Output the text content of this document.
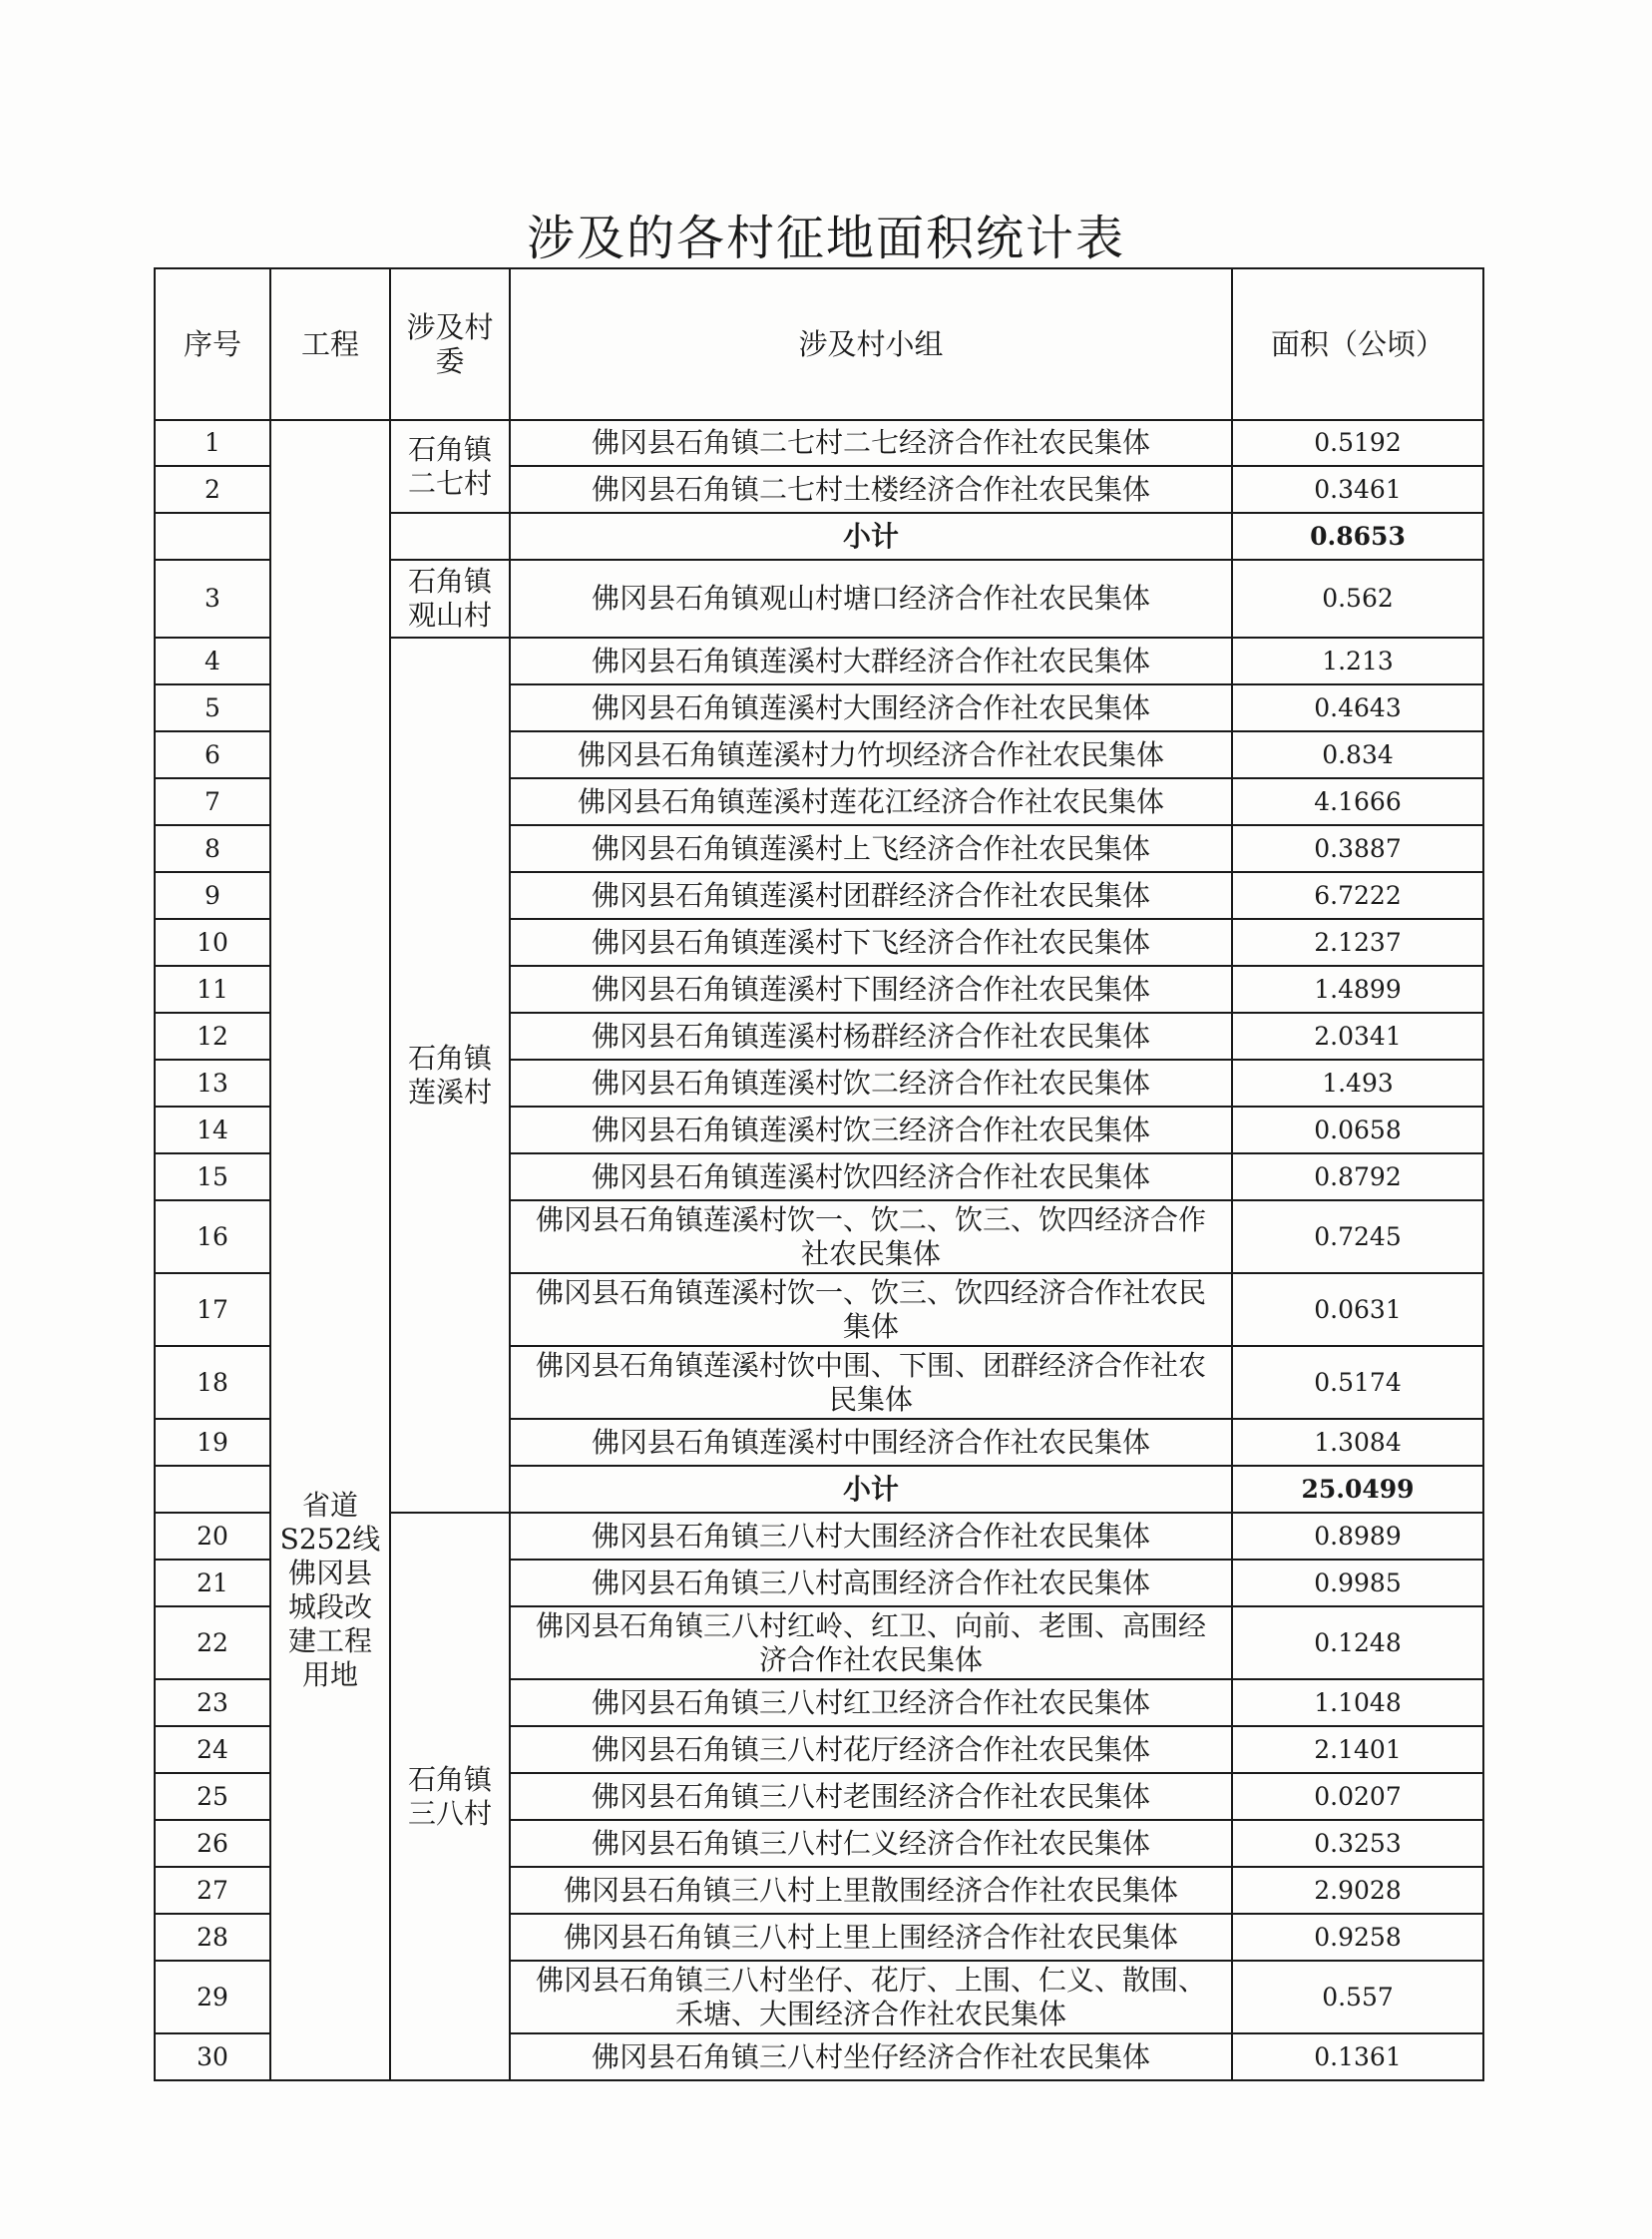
涉及的各村征地面积统计表
序号	工程	涉及村委	涉及村小组	面积（公顷）
1	省道S252线佛冈县城段改建工程用地	石角镇二七村	佛冈县石角镇二七村二七经济合作社农民集体	0.5192
2			佛冈县石角镇二七村土楼经济合作社农民集体	0.3461
			小计	0.8653
3		石角镇观山村	佛冈县石角镇观山村塘口经济合作社农民集体	0.562
4		石角镇莲溪村	佛冈县石角镇莲溪村大群经济合作社农民集体	1.213
5			佛冈县石角镇莲溪村大围经济合作社农民集体	0.4643
6			佛冈县石角镇莲溪村力竹坝经济合作社农民集体	0.834
7			佛冈县石角镇莲溪村莲花江经济合作社农民集体	4.1666
8			佛冈县石角镇莲溪村上飞经济合作社农民集体	0.3887
9			佛冈县石角镇莲溪村团群经济合作社农民集体	6.7222
10			佛冈县石角镇莲溪村下飞经济合作社农民集体	2.1237
11			佛冈县石角镇莲溪村下围经济合作社农民集体	1.4899
12			佛冈县石角镇莲溪村杨群经济合作社农民集体	2.0341
13			佛冈县石角镇莲溪村饮二经济合作社农民集体	1.493
14			佛冈县石角镇莲溪村饮三经济合作社农民集体	0.0658
15			佛冈县石角镇莲溪村饮四经济合作社农民集体	0.8792
16			佛冈县石角镇莲溪村饮一、饮二、饮三、饮四经济合作社农民集体	0.7245
17			佛冈县石角镇莲溪村饮一、饮三、饮四经济合作社农民集体	0.0631
18			佛冈县石角镇莲溪村饮中围、下围、团群经济合作社农民集体	0.5174
19			佛冈县石角镇莲溪村中围经济合作社农民集体	1.3084
			小计	25.0499
20		石角镇三八村	佛冈县石角镇三八村大围经济合作社农民集体	0.8989
21			佛冈县石角镇三八村高围经济合作社农民集体	0.9985
22			佛冈县石角镇三八村红岭、红卫、向前、老围、高围经济合作社农民集体	0.1248
23			佛冈县石角镇三八村红卫经济合作社农民集体	1.1048
24			佛冈县石角镇三八村花厅经济合作社农民集体	2.1401
25			佛冈县石角镇三八村老围经济合作社农民集体	0.0207
26			佛冈县石角镇三八村仁义经济合作社农民集体	0.3253
27			佛冈县石角镇三八村上里散围经济合作社农民集体	2.9028
28			佛冈县石角镇三八村上里上围经济合作社农民集体	0.9258
29			佛冈县石角镇三八村坐仔、花厅、上围、仁义、散围、禾塘、大围经济合作社农民集体	0.557
30			佛冈县石角镇三八村坐仔经济合作社农民集体	0.1361
